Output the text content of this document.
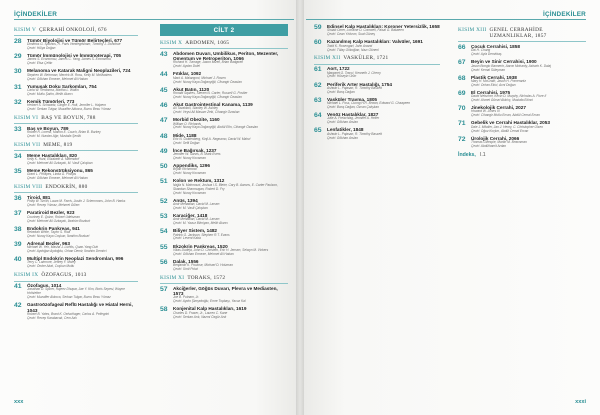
İÇİNDEKİLER
KISIM V ÇERRAHİ ONKOLOJİ, 676
28	Tümör Biyolojisi ve Tümör Belirteçleri, 677
Dimitrios G. Spikhos, R. Paris Vendegrisham, Timothy J. Donohue
Çeviri: Hülya Doğan
29	Tümör İmmünolojisi ve İmmünoterapi, 705
James S. Economou, James C. Yang, James S. Economou
Çeviri: Efsa Çeltin
30	Melanoma ve Katarak Maligni Neoplazileri, 724
Stephen W. Behrman, Merrick M. Ross, Kelly M. McMasters
Çeviri: Gökhan Ermeze, Mehmet Ali Hakan
31	Yumuşak Doku Sarkomları, 754
Carla W. Verdonna, Martha L. Wallin
Çeviri: Mutlu Şahin, Melih Akıncı
32	Kemik Tümörleri, 773
Herbert S. Schwartz, Ginger E. Holt, Jennifer L. Halpern
Çeviri: Serkan Tulgar, Muzaffer Akkoca, Burcu Besu Yılmaz
KISIM VI BAŞ VE BOYUN, 788
33	Baş ve Boyun, 789
Robert R. Lorenz, Marion E. Couch, Brian B. Burkey
Çeviri: M. Nurdan Ağır, Mustafa Şenlik
KISIM VII MEME, 819
34	Meme Hastalıkları, 820
Kelly K. Hunt, Elizabeth A. Mittendorf
Çeviri: Mehmet Ali Ozkayalı, M. Vasfi Çalışkan
35	Meme Rekonstrüksiyonu, 865
Grant L. Phillipes, Linda G. Phillips
Çeviri: Gökhan Ermeze, Mehmet Ali Hakan
KISIM VIII ENDOKRİN, 880
36	Tiroid, 881
Philip W. Smith, Laura M. Farris, Justin J. Sclemmons, John B. Hanks
Çeviri: Recep Yılmaz, Mehmet Gülen
37	Paratiroid Bezler, 923
Courtney E. Quinn, Robert Udelsman
Çeviri: Mehmet Ali Ozkayalı, İbrahim Bozkurt
38	Endokrin Pankreas, 941
Rebekah White, Taylor S. Riall
Çeviri: Nuray Kaya Coşkun, İbrahim Bozkurt
39	Adrenal Bezler, 963
Michael W. Yeh, Masha J. Livhits, Quan-Yang Duh
Çeviri: Aydoğan Aydoğdu, Orhan Demir, İbrahim Demirci
40	Multipl Endokrin Neoplazi Sendromları, 996
Terry C. Lairmore, Jeffrey F. Moley
Çeviri: Önder Akat, Coşkun Mutlu
KISIM IX ÖZOFAGUS, 1013
41	Özofagus, 1014
Jonathan D. Spicer, Rajeev Dhupar, Jae Y. Kim, Boris Sepesi, Wayne Hofstetter
Çeviri: Muzaffer Akkoca, Serkan Tulgar, Burcu Besu Yılmaz
42	Gastroözofageal Reflü Hastalığı ve Hiatal Herni, 1043
Robert B. Yates, Brant K. Oelschlager, Carlos A. Pellegrini
Çeviri: Recep Karabacak, Cem Azlı
CİLT 2
KISIM X ABDOMEN, 1065
43	Abdomen Duvarı, Umbilikus, Periton, Mezenter, Omentum ve Retroperiton, 1066
Richard H. Turnage, Jason Mizell, Brian Badgwell
Çeviri: Aydan Dolel
44	Fıtıklar, 1092
Mark A. Malangoni, Michael J. Rosen
Çeviri: Nuray Kaya Doğanyiğit, Cihangir Özaslan
45	Akut Batın, 1120
Ronald Squires, Steven N. Carter, Russell G. Postier
Çeviri: Nuray Kaya Doğanyiğit, Cihangir Özaslan
46	Akut Gastrointestinal Kanama, 1139
Ali Tavakkoli, Stanley W. Ashley
Çeviri: Veysi Ali Masum Zeki, Cihangir Özaslan
47	Morbid Obezite, 1160
William O. Richards
Çeviri: Nuray Kaya Doğanyiğit, Abdül Etin, Cihangir Özaslan
48	Mide, 1188
Eric N. Goldenberg, Kinji A. Negnamo, David W. Mahvi
Çeviri: Sefil Doğan
49	İnce Bağırsak, 1237
Jennifer W. Sarvis, B. Mark Evers
Çeviri: Nuray Kocaman
50	Appendiks, 1296
Bryan Richmond
Çeviri: Nuray Kocaman
51	Kolon ve Rektum, 1312
Najjia N. Mahmoud, Joshua I.S. Bleier, Cary B. Aarons, E. Carter Paulson, Skandan Shanmugan, Robert D. Fry
Çeviri: Nuray Kocaman
52	Anüs, 1394
Amir Mehadian, David M. Larsen
Çeviri: M. Vasfi Çalışkan
53	Karaciğer, 1418
Amir Mehadian, David M. Larsen
Çeviri: M. Yavuz Bilmiyan, Melih Akıncı
54	Biliyer Sistem, 1482
Patrick G. Jackson, Stephen R.T. Evans
Çeviri: Levent Kaba
55	Ekzokrin Pankreas, 1520
Vikas Dudeja, John D. Christein, Eric H. Jensen, Selwyn M. Vickers
Çeviri: Gökhan Ermeze, Mehmet Ali Hakan
56	Dalak, 1556
Benjamin K. Poulose, Michael D. Holzman
Çeviri: Ümit Polat
KISIM XI TORAKS, 1572
57	Akciğerler, Göğüs Duvarı, Plevra ve Mediasten, 1573
Joe B. Putnam, Jr.
Çeviri: Aydın Şimşekoğlu, Emre Topbaşı, Yavuz Kal
58	Konjenital Kalp Hastalıkları, 1619
Charles D. Fraser, Jr., Lauren C. Kane
Çeviri: Serkan Arık, Nazmi Özgür Arık
xxx
İÇİNDEKİLER
59	Edinsel Kalp Hastalıkları: Koroner Yetersizlik, 1658
Shuab Omer, Lorraine D. Cornwell, Faisal G. Bakaeen
Çeviri: Ozan Yıldırım, Suat Güneş
60	Kazanılmış Kalp Hastalıkları: Valvüler, 1691
Todd K. Rosengart, John Anand
Çeviri: Tülay Gökoğlan, Nazı Gönenl
KISIM XII VASKÜLER, 1721
61	Aort, 1722
Margaret G. Tracci, Kenneth J. Cherry
Çeviri: Hüseyin Ürün
62	Periferik Arter Hastalığı, 1754
Ashwin L. Pajasan, R. Timothy Bassett
Çeviri: Barış Dağan
63	Vasküler Travma, 1805
Michael L. Foss, Cuong H.R. Brown, Edward G. Chaapeen
Çeviri: Barış Dağan, Özcan Çalışkan
64	Venöz Hastalıklar, 1827
Julie A. Freischlag, Jennifer A. Heller
Çeviri: Gökhan Arslan
65	Lenfatikler, 1848
Ashwin L. Pajasan, R. Timothy Bassett
Çeviri: Gökhan Arslan
KISIM XIII GENEL CERRAHİDE UZMANLIKLAR, 1857
66	Çocuk Cerrahisi, 1858
Dai H. Chung
Çeviri: Ayla Demirbaş
67	Beyin ve Sinir Cerrahisi, 1900
Jason Bongio Bannerin, Aaron Mohanty, Ashwin K. Dalaj
Çeviri: Kemal Süleyman
68	Plastik Cerrahi, 1938
Mary H. McGrath, Jason H. Pomerantz
Çeviri: Orhan Ekici, Avni Doğan
69	El Cerrahisi, 1975
David Netscher, Kevin D. Murphy, Nicholas A. Fiore II
Çeviri: Ahmet Gürsel Akkılıç, Mustafa Ekinci
70	Jinekolojik Cerrahi, 2027
Howard W. Jones III
Çeviri: Cihangir Mutlu Ercan, Abdül Cemal Ercan
71	Gebelik ve Cerrahi Hastalıklar, 2053
Dale J. Mitaller, Jan J. Henry, C. Christopher Olsen
Çeviri: Oğuz Koçkın, Abdül Cemal Ercan
72	Ürolojik Cerrahi, 2066
Thomas Gillespie, Martin M. Brownman
Çeviri: Abdülhamit Ardan
İndeks, I.1
xxxi
